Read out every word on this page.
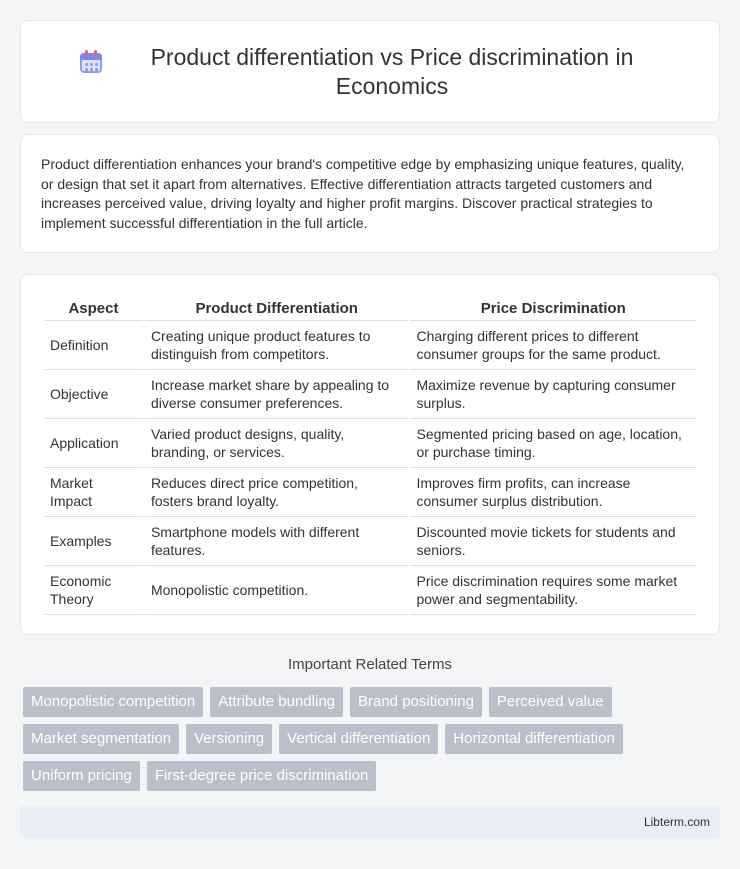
Product differentiation vs Price discrimination in Economics

Product differentiation enhances your brand's competitive edge by emphasizing unique features, quality, or design that set it apart from alternatives. Effective differentiation attracts targeted customers and increases perceived value, driving loyalty and higher profit margins. Discover practical strategies to implement successful differentiation in the full article.

Aspect	Product Differentiation	Price Discrimination
Definition	Creating unique product features to distinguish from competitors.	Charging different prices to different consumer groups for the same product.
Objective	Increase market share by appealing to diverse consumer preferences.	Maximize revenue by capturing consumer surplus.
Application	Varied product designs, quality, branding, or services.	Segmented pricing based on age, location, or purchase timing.
Market Impact	Reduces direct price competition, fosters brand loyalty.	Improves firm profits, can increase consumer surplus distribution.
Examples	Smartphone models with different features.	Discounted movie tickets for students and seniors.
Economic Theory	Monopolistic competition.	Price discrimination requires some market power and segmentability.
Important Related Terms
Monopolistic competition	Attribute bundling	Brand positioning	Perceived value
Market segmentation	Versioning	Vertical differentiation	Horizontal differentiation
Uniform pricing	First-degree price discrimination
Libterm.com
